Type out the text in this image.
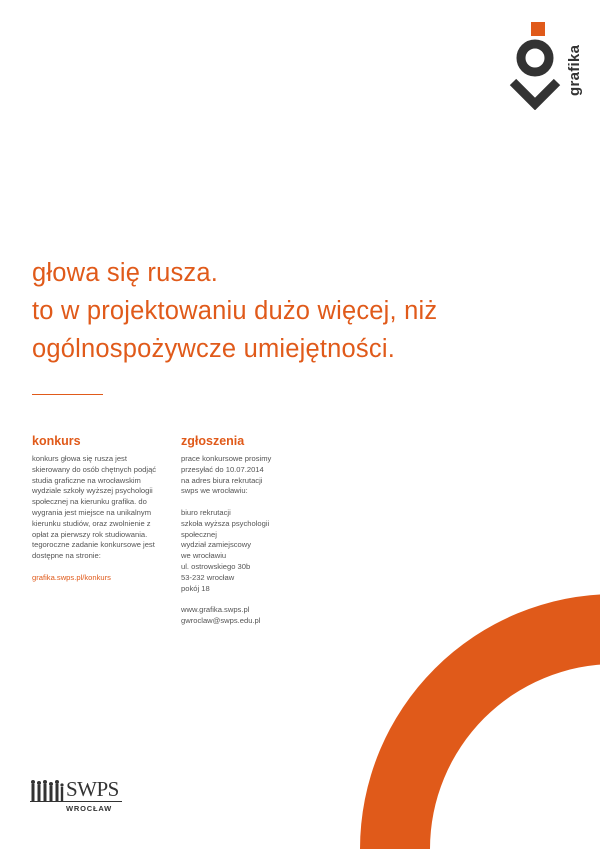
grafika
głowa się rusza.
to w projektowaniu dużo więcej, niż
ogólnospożywcze umiejętności.
konkurs

konkurs głowa się rusza jest skierowany do osób chętnych podjąć studia graficzne na wrocławskim wydziale szkoły wyższej psychologii społecznej na kierunku grafika. do wygrania jest miejsce na unikalnym kierunku studiów, oraz zwolnienie z opłat za pierwszy rok studiowania. tegoroczne zadanie konkursowe jest dostępne na stronie:

grafika.swps.pl/konkurs
zgłoszenia

prace konkursowe prosimy

przesyłać do 10.07.2014

na adres biura rekrutacji

swps we wrocławiu:

biuro rekrutacji

szkoła wyższa psychologii

społecznej

wydział zamiejscowy

we wrocławiu

ul. ostrowskiego 30b

53-232 wrocław

pokój 18

www.grafika.swps.pl

gwroclaw@swps.edu.pl

SWPS
WROCŁAW
